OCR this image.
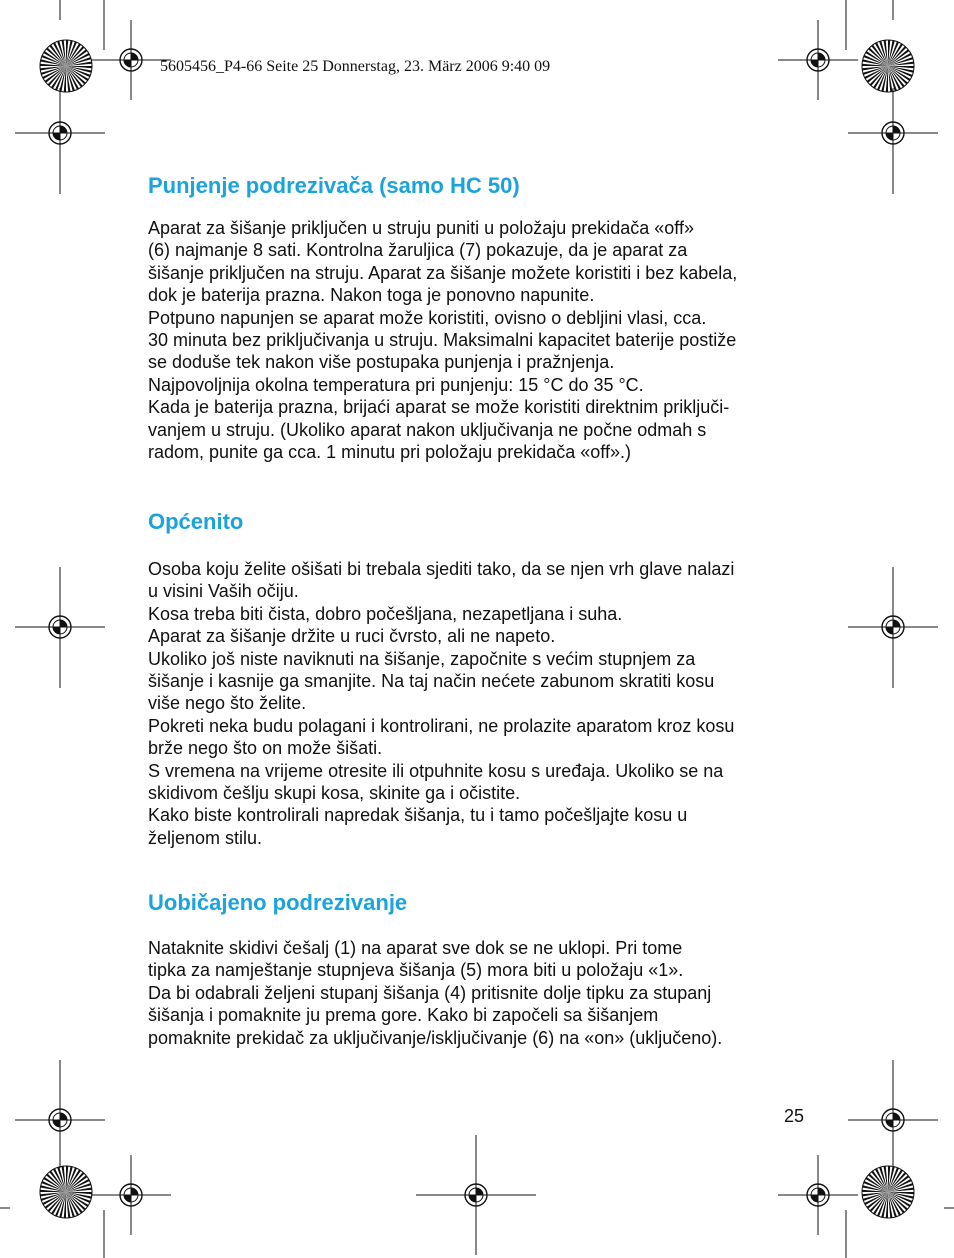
5605456_P4-66 Seite 25 Donnerstag, 23. März 2006 9:40 09
Punjenje podrezivača (samo HC 50)

Aparat za šišanje priključen u struju puniti u položaju prekidača «off»
(6) najmanje 8 sati. Kontrolna žaruljica (7) pokazuje, da je aparat za
šišanje priključen na struju. Aparat za šišanje možete koristiti i bez kabela,
dok je baterija prazna. Nakon toga je ponovno napunite.

Potpuno napunjen se aparat može koristiti, ovisno o debljini vlasi, cca.
30 minuta bez priključivanja u struju. Maksimalni kapacitet baterije postiže
se doduše tek nakon više postupaka punjenja i pražnjenja.

Najpovoljnija okolna temperatura pri punjenju: 15 °C do 35 °C.

Kada je baterija prazna, brijaći aparat se može koristiti direktnim priključi-
vanjem u struju. (Ukoliko aparat nakon uključivanja ne počne odmah s
radom, punite ga cca. 1 minutu pri položaju prekidača «off».)

Općenito

Osoba koju želite ošišati bi trebala sjediti tako, da se njen vrh glave nalazi
u visini Vaših očiju.

Kosa treba biti čista, dobro počešljana, nezapetljana i suha.

Aparat za šišanje držite u ruci čvrsto, ali ne napeto.

Ukoliko još niste naviknuti na šišanje, započnite s većim stupnjem za
šišanje i kasnije ga smanjite. Na taj način nećete zabunom skratiti kosu
više nego što želite.

Pokreti neka budu polagani i kontrolirani, ne prolazite aparatom kroz kosu
brže nego što on može šišati.

S vremena na vrijeme otresite ili otpuhnite kosu s uređaja. Ukoliko se na
skidivom češlju skupi kosa, skinite ga i očistite.

Kako biste kontrolirali napredak šišanja, tu i tamo počešljajte kosu u
željenom stilu.

Uobičajeno podrezivanje

Nataknite skidivi češalj (1) na aparat sve dok se ne uklopi. Pri tome
tipka za namještanje stupnjeva šišanja (5) mora biti u položaju «1».

Da bi odabrali željeni stupanj šišanja (4) pritisnite dolje tipku za stupanj
šišanja i pomaknite ju prema gore. Kako bi započeli sa šišanjem
pomaknite prekidač za uključivanje/isključivanje (6) na «on» (uključeno).

25
